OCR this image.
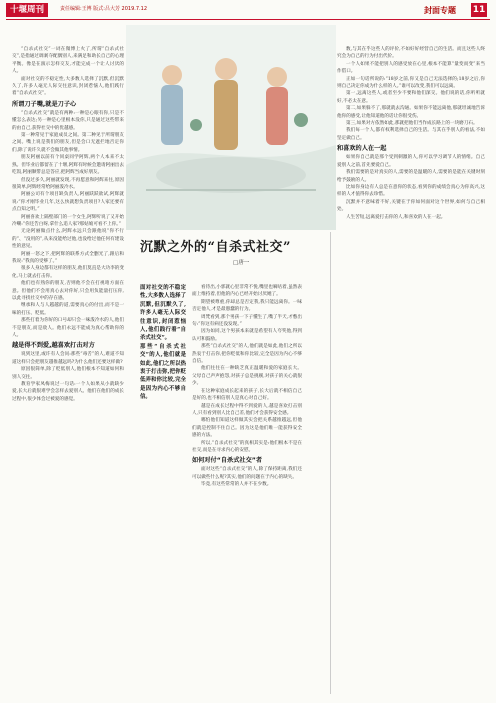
十堰周刊	责任编辑:王博 版式:吕大芳 2019.7.12	封面专题 11

“自杀式社交”一词在微博上火了,所谓“自杀式社交”,是指通过调剥夺配偶别人,来满足和助长自己的心理平衡。像是在演示怎样交友,才能完成一个让人讨厌的人。

面对社交的不稳定性,大多数人选择了沉默,但沉默久了,许多人毫无人际交往意识,封闭惹恼人,他们践行着“自杀式社交”。

所谓刀子嘴,就是刀子心

“自杀式社交”就是有两种:一种是心眼有你,只是不懂怎么表达;另一种是心里根本没你,只是通过这些带来的由自己,获得社交中的优越感。

第一种常见于家庭成员之间。第二种见于所谓朋友之间。嘴上说是我们的朋友,但是会口无遮拦地否定你们,除了说许久就不会做其他事情。

朋友阿丽以前有个同桌同学阿辉,两个人本来不太熟。但毕业后都留在了十堰,阿辉有时候会邀请阿丽出去吃饭,阿丽顺带总是答应,把阿辉当成好朋友。

但没过多久,阿丽就发现,不再愿意和阿辉来往,原因很简单,阿辉经常给阿丽泼冷水。

阿丽公司有个项目缺负责人,阿丽跃跃欲试,阿辉就说:“你才刚毕业几年,这么快就想负责项目?人家还要有点自知之明。”

阿丽喜欢上隔壁部门的一个女生,阿辉听说了又开始冷嘲:“你还告白呀,拿什么追人家?那姑娘可看不上你。”

无论阿丽做点什么,阿辉永远只会跟他说“你不行的”、“没用的”,从来没能给过他,也没给过他任何有建设性的意见。

阿丽一怒之下,把阿辉的联系方式全删光了,跟后和我说:“我真的受够了。”

很多人身边都有这样的朋友,他们莫直是大功李的变化,马上就去打击你。

他们也有熟你的朋友,否则他不会在打视咱方面在意。但他们不会用真心去对你好,只会用负能量打压你,以此寻找社交中的存在感。

继承和人与人越越的道,需要真心的付出,而不是一味的打压、贬低。

那些打着为你好的口号却只会一味泼冷水的人,他们不是朋友,而是敌人。他们永远不能成为真心帮助你的人。

越是得不到爱,越喜欢打击对方

说到这里,或许有人会问:那些“毒舌”的人,难道不知道这样只会把朋友越推越远吗?为什么他们还要这样做?

原因很简单,除了贬低别人,他们根本不知道如何和别人交往。

教育学家凤梅说过一句话:一个人如果从小就缺少爱,长大后就很难学会怎样去爱别人。他们在他们的成长过程中,很少体会过被爱的感觉。

沉默之外的“自杀式社交”
□唐一

面对社交的不稳定性,大多数人选择了沉默,但沉默久了,许多人毫无人际交往意识,封闭惹恼人,他们践行着“自杀式社交”。

那些“自杀式社交”的人,他们就是如此,他们之所以热衷于打击弥,把你贬低弄和你比较,完全是因为内心不够自信。

看待出,小郭就心里非常不悦,嘴里也嘀咕着,虽然表面上维持着,但他的内心已经开始讨厌她了。

期望被尊重,你却总是否定我,我只能远离你。一味否定他人,才是最愚蠢的行为。

周梵看到,那个男孩一下子懂生了,嘴了半天,才憋出句:“你这有病还没发现。”

因为如同,这个男孩本来就是希望有人夸奖他,得到认可和鼓励。

那些“自杀式社交”的人,他们就是如此,他们之所以热衷于打击你,把你贬低和你比较,完全是因为内心不够自信。

他们往往在一种缺乏真正温暖和爱的家庭长大。父母自己声声抱怨,对孩子总是挑剔,对孩子的关心就很少。

在这种家庭成长起来的孩子,长大后就不相信自己是好的,也不相信别人是真心对自己好。

越是在成长过程中得不到爱的人,越是喜欢打击别人,只有看到别人比自己差,他们才会获得安全感。

哪怕他们知道这样做其实会把关系越推越远,但他们就是控制不住自己。因为这是他们唯一能获得安全感的方法。

所以,“自杀式社交”的真相其实是:他们根本不是在社交,而是在寻求内心的安慰。

如何对付“自杀式社交”者

面对这些“自杀式社交”的人,除了保持距离,我们还可以做些什么呢?其实,他们的问题在于内心的缺失。

毕竟,有这些常常的人并不在少数。

数,与其在乎这些人的评价,不如好好经营自己的生活。而且这些人终究会为自己的行为付出代价。

一个人如果不能把别人的感受放在心里,根本不能算“量变而变”来当作借口。

正如一句话所说的:“18岁之前,你又是自己无法选择的;18岁之后,你则自己决定你成为什么样的人。”谁可以改变,我们可以远离。

第一,远离这些人,或者至少不要和他们深交。他们说的话,你听听就好,不必太在意。

第二,如果躲不了,那就就去沟通。如果你不能远离他,那就坦诚地告诉他你的感受,让他知道他的话让你很受伤。

第三,如果对方依然如此,那就把他们当作成长路上的一块磨刀石。

我们每一个人,都有权利选择自己的生活。与其在乎别人的看法,不如坚定做自己。

和喜欢的人在一起

如果你自己就是那个受到刺激的人,你可以学习调节人的情绪。自己爱别人之前,首先要爱自己。

我们需要的是对真实的人,需要的是温暖的人,需要的是能在关键时刻给予鼓励的人。

比如你身边有人总是在意你的状态,看到你的成绩会真心为你高兴,这样的人才值得你去珍惜。

沉默并不意味着不好,关键在于你如何面对这个世界,如何与自己相处。

人生苦短,远离爱打击你的人,和喜欢的人在一起。
